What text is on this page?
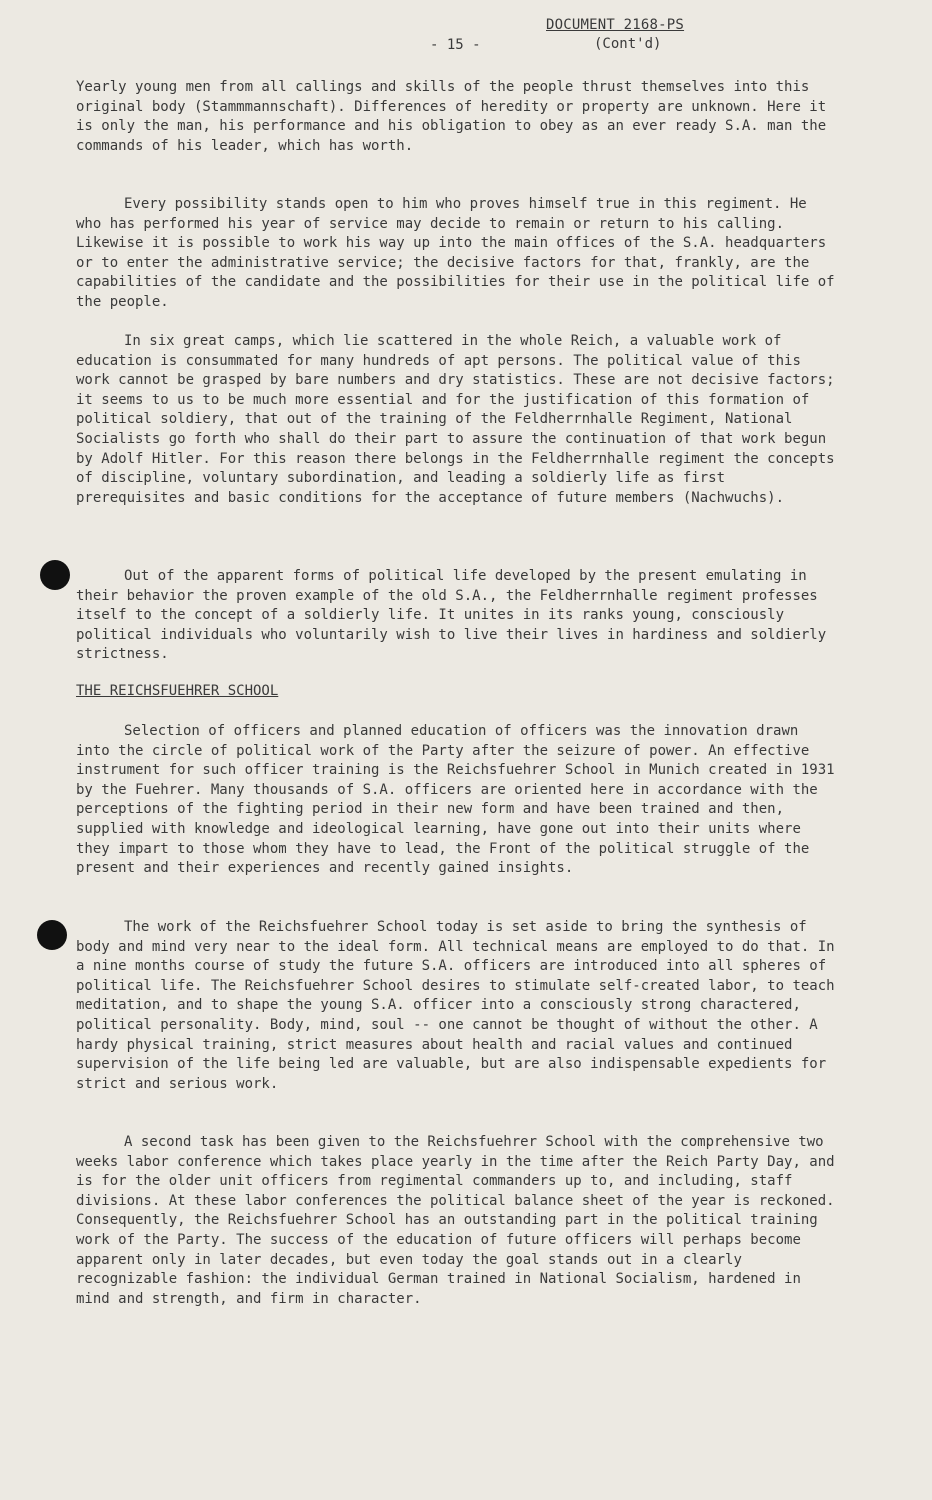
DOCUMENT 2168-PS
- 15 -	(Cont'd)

Yearly young men from all callings and skills of the people thrust themselves into this original body (Stammmannschaft). Differences of heredity or property are unknown. Here it is only the man, his performance and his obligation to obey as an ever ready S.A. man the commands of his leader, which has worth.

Every possibility stands open to him who proves himself true in this regiment. He who has performed his year of service may decide to remain or return to his calling. Likewise it is possible to work his way up into the main offices of the S.A. headquarters or to enter the administrative service; the decisive factors for that, frankly, are the capabilities of the candidate and the possibilities for their use in the political life of the people.

In six great camps, which lie scattered in the whole Reich, a valuable work of education is consummated for many hundreds of apt persons. The political value of this work cannot be grasped by bare numbers and dry statistics. These are not decisive factors; it seems to us to be much more essential and for the justification of this formation of political soldiery, that out of the training of the Feldherrnhalle Regiment, National Socialists go forth who shall do their part to assure the continuation of that work begun by Adolf Hitler. For this reason there belongs in the Feldherrnhalle regiment the concepts of discipline, voluntary subordination, and leading a soldierly life as first prerequisites and basic conditions for the acceptance of future members (Nachwuchs).

Out of the apparent forms of political life developed by the present emulating in their behavior the proven example of the old S.A., the Feldherrnhalle regiment professes itself to the concept of a soldierly life. It unites in its ranks young, consciously political individuals who voluntarily wish to live their lives in hardiness and soldierly strictness.

THE REICHSFUEHRER SCHOOL

Selection of officers and planned education of officers was the innovation drawn into the circle of political work of the Party after the seizure of power. An effective instrument for such officer training is the Reichsfuehrer School in Munich created in 1931 by the Fuehrer. Many thousands of S.A. officers are oriented here in accordance with the perceptions of the fighting period in their new form and have been trained and then, supplied with knowledge and ideological learning, have gone out into their units where they impart to those whom they have to lead, the Front of the political struggle of the present and their experiences and recently gained insights.

The work of the Reichsfuehrer School today is set aside to bring the synthesis of body and mind very near to the ideal form. All technical means are employed to do that. In a nine months course of study the future S.A. officers are introduced into all spheres of political life. The Reichsfuehrer School desires to stimulate self-created labor, to teach meditation, and to shape the young S.A. officer into a consciously strong charactered, political personality. Body, mind, soul -- one cannot be thought of without the other. A hardy physical training, strict measures about health and racial values and continued supervision of the life being led are valuable, but are also indispensable expedients for strict and serious work.

A second task has been given to the Reichsfuehrer School with the comprehensive two weeks labor conference which takes place yearly in the time after the Reich Party Day, and is for the older unit officers from regimental commanders up to, and including, staff divisions. At these labor conferences the political balance sheet of the year is reckoned. Consequently, the Reichsfuehrer School has an outstanding part in the political training work of the Party. The success of the education of future officers will perhaps become apparent only in later decades, but even today the goal stands out in a clearly recognizable fashion: the individual German trained in National Socialism, hardened in mind and strength, and firm in character.
